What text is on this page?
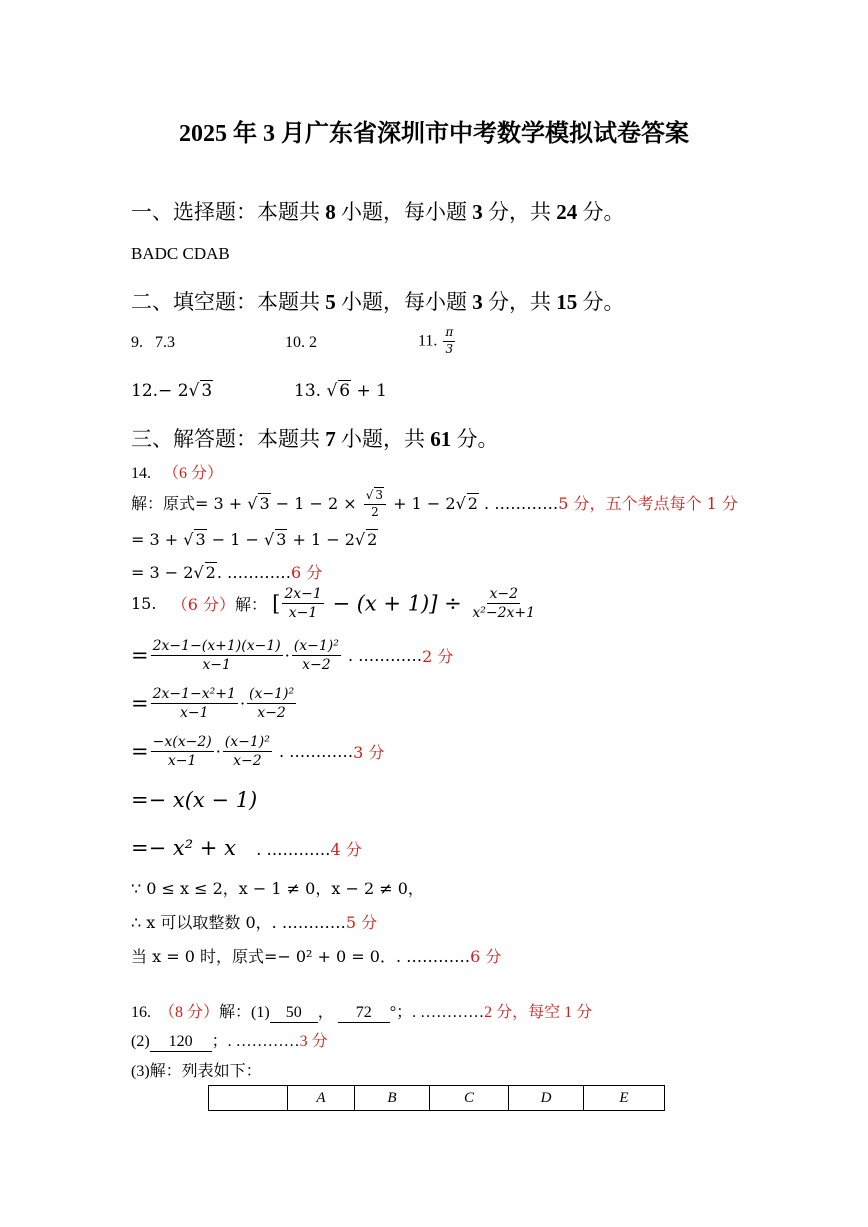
2025 年 3 月广东省深圳市中考数学模拟试卷答案
一、选择题：本题共 8 小题，每小题 3 分，共 24 分。
BADC CDAB
二、填空题：本题共 5 小题，每小题 3 分，共 15 分。
9. 7.3	10. 2	11. $\frac{\pi}{3}$
12.− 2√ 3	13. √ 6 + 1
三、解答题：本题共 7 小题，共 61 分。
14. （6 分）
解：原式= 3 + √ $3 - 1 - 2 \times \frac{√ 3}{2} + 1 - 2√$ 2 . …………5 分，五个考点每个 1 分
= 3 + √ 3 − 1 − √ 3 + 1 − 2√ 2
= 3 − 2√ 2. …………6 分
15. （6 分）解： [ $\frac{2x-1}{x-1} - (x + 1)] \div \frac{x-2}{\text{x²−2x+1}}$
= $\frac{2x-1-(x+1)(x-1)}{x-1} \cdot \frac{\text{(x−1)²}}{x-2}$ . …………2 分
= $\frac{\text{2x−1−x²+1}}{x-1} \cdot \frac{\text{(x−1)²}}{x-2}$
= $\frac{-x(x-2)}{x-1} \cdot \frac{\text{(x−1)²}}{x-2}$ . …………3 分
=− x(x − 1)
=− x² + x    . …………4 分
∵ 0 ≤ x ≤ 2，x − 1 ≠ 0，x − 2 ≠ 0，
∴ x 可以取整数 0，. …………5 分
当 x = 0 时，原式=− 0² + 0 = 0．. …………6 分
16. （8 分）解：(1) 50 ， 72 °；. …………2 分，每空 1 分
(2) 120 ；. …………3 分
(3)解：列表如下：
	A	B	C	D	E
